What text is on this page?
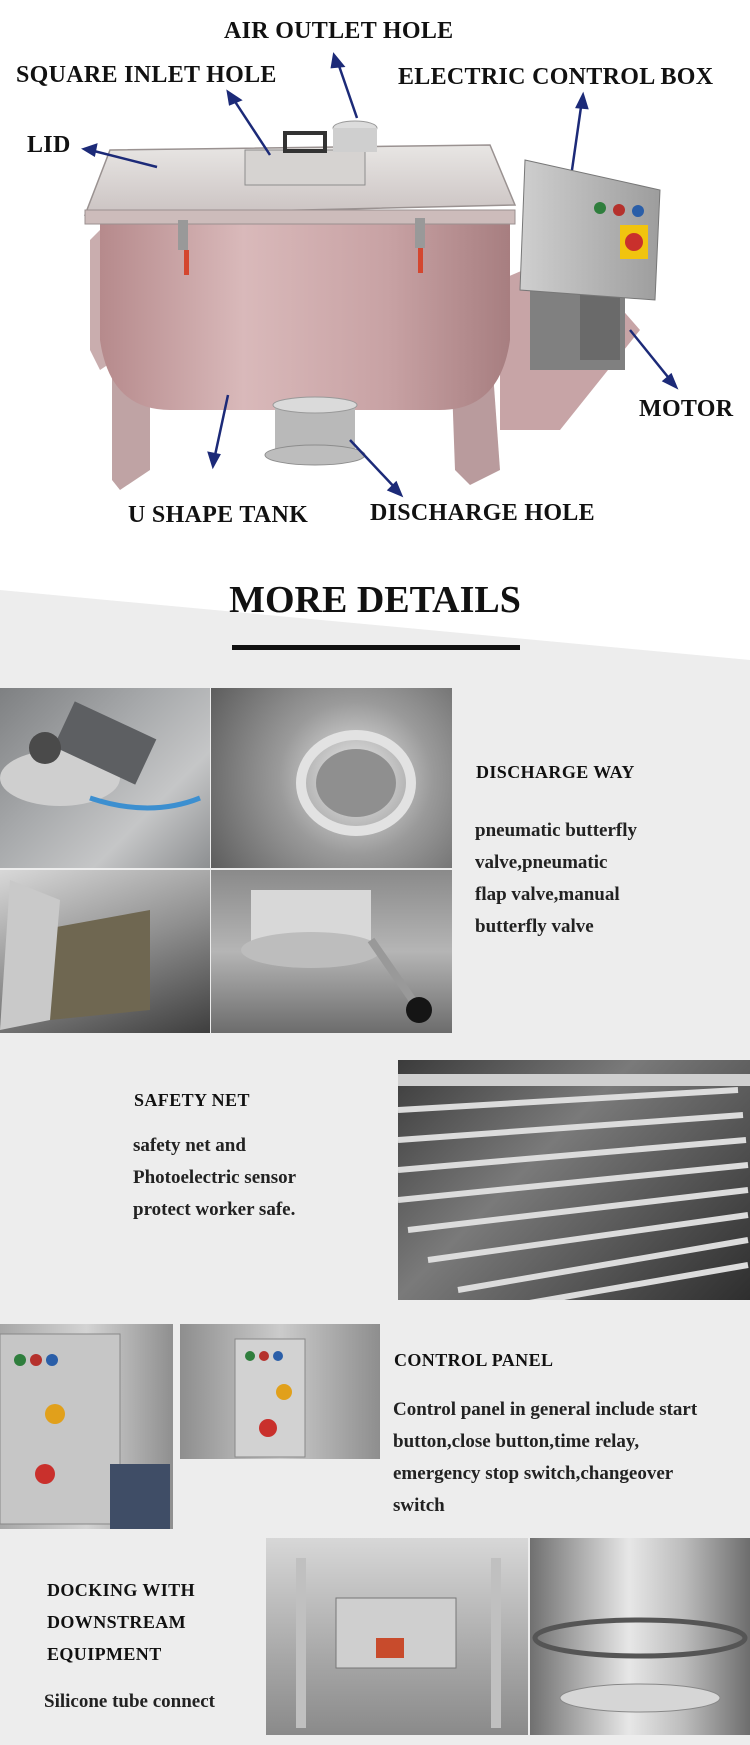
AIR OUTLET HOLE
SQUARE INLET HOLE	ELECTRIC CONTROL BOX
LID
MOTOR
U SHAPE TANK	DISCHARGE HOLE
MORE DETAILS
DISCHARGE WAY
pneumatic butterfly
valve,pneumatic
flap valve,manual
butterfly valve
SAFETY NET
safety net and
Photoelectric sensor
protect worker safe.
CONTROL PANEL
Control panel in general include start
button,close button,time relay,
emergency stop switch,changeover
switch
DOCKING WITH
DOWNSTREAM
EQUIPMENT
Silicone tube connect
